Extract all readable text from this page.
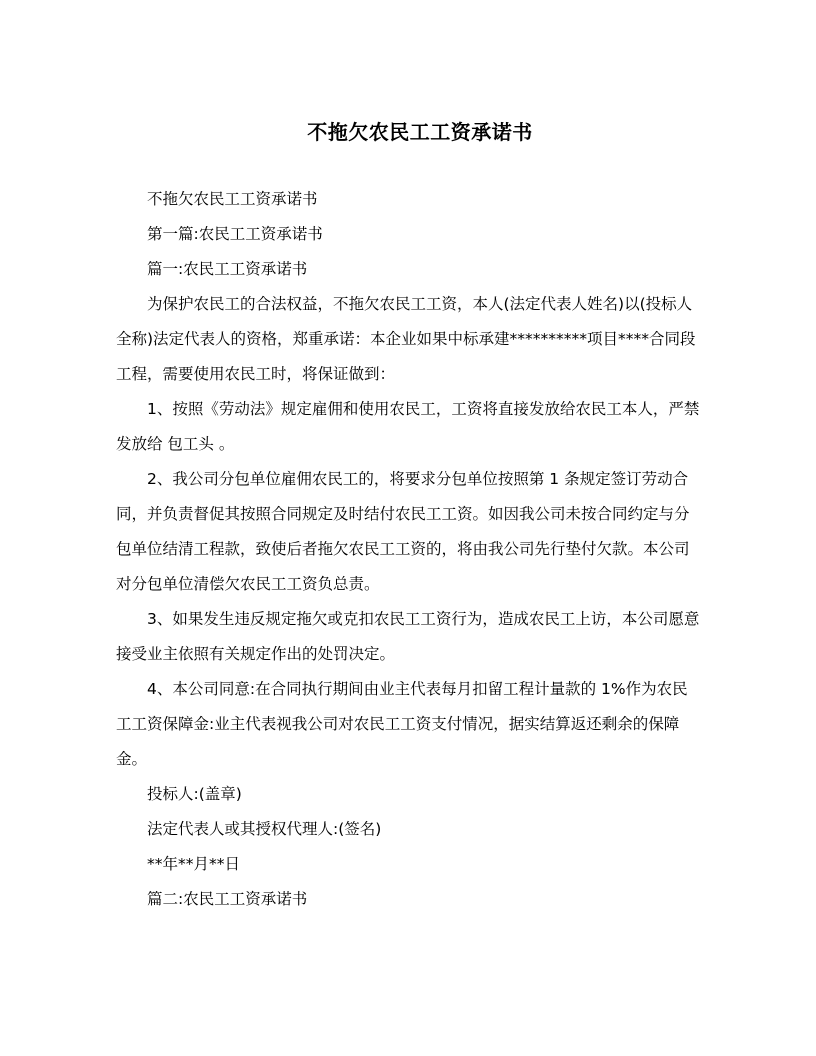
不拖欠农民工工资承诺书

不拖欠农民工工资承诺书

第一篇:农民工工资承诺书

篇一:农民工工资承诺书

为保护农民工的合法权益，不拖欠农民工工资，本人(法定代表人姓名)以(投标人全称)法定代表人的资格，郑重承诺：本企业如果中标承建**********项目****合同段工程，需要使用农民工时，将保证做到：

1、按照《劳动法》规定雇佣和使用农民工，工资将直接发放给农民工本人，严禁发放给 包工头 。

2、我公司分包单位雇佣农民工的，将要求分包单位按照第 1 条规定签订劳动合同，并负责督促其按照合同规定及时结付农民工工资。如因我公司未按合同约定与分包单位结清工程款，致使后者拖欠农民工工资的，将由我公司先行垫付欠款。本公司对分包单位清偿欠农民工工资负总责。

3、如果发生违反规定拖欠或克扣农民工工资行为，造成农民工上访，本公司愿意接受业主依照有关规定作出的处罚决定。

4、本公司同意:在合同执行期间由业主代表每月扣留工程计量款的 1%作为农民工工资保障金:业主代表视我公司对农民工工资支付情况，据实结算返还剩余的保障金。

投标人:(盖章)

法定代表人或其授权代理人:(签名)

**年**月**日

篇二:农民工工资承诺书
